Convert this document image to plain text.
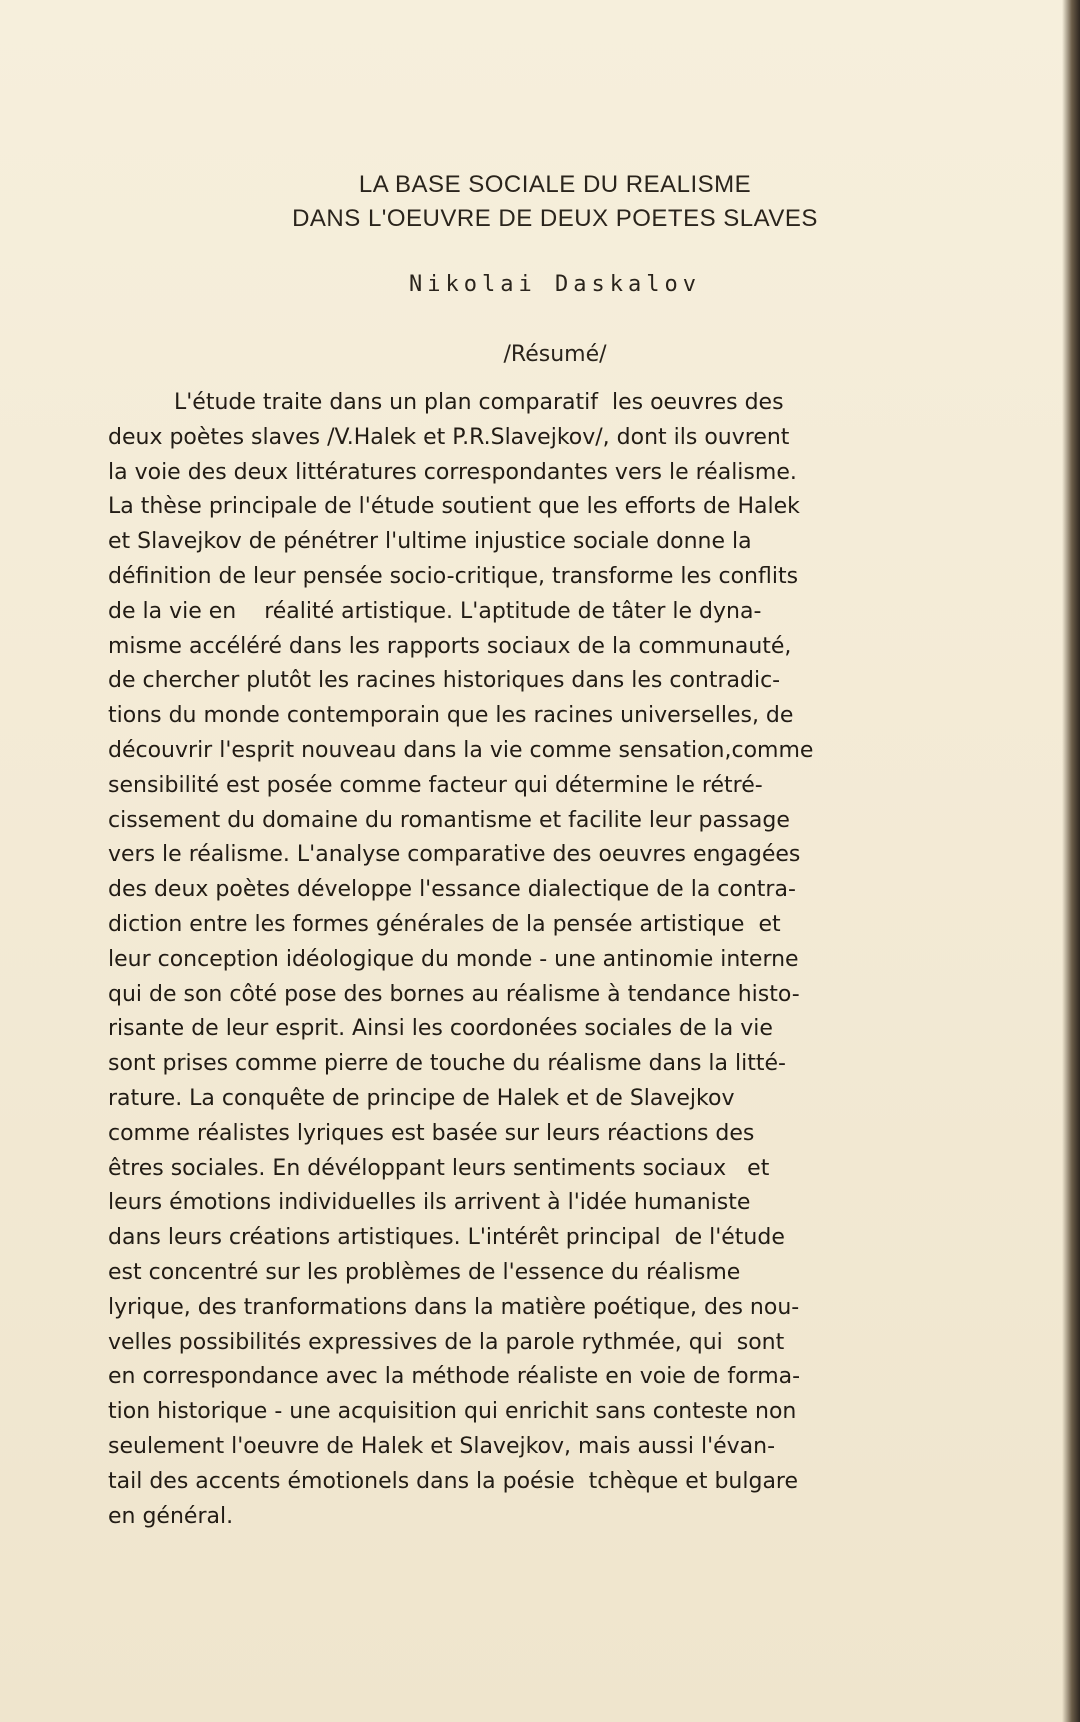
LA BASE SOCIALE DU REALISME
DANS L'OEUVRE DE DEUX POETES SLAVES
Nikolai Daskalov
/Résumé/
L'étude traite dans un plan comparatif  les oeuvres des
deux poètes slaves /V.Halek et P.R.Slavejkov/, dont ils ouvrent
la voie des deux littératures correspondantes vers le réalisme.
La thèse principale de l'étude soutient que les efforts de Halek
et Slavejkov de pénétrer l'ultime injustice sociale donne la
définition de leur pensée socio-critique, transforme les conflits
de la vie en    réalité artistique. L'aptitude de tâter le dyna-
misme accéléré dans les rapports sociaux de la communauté,
de chercher plutôt les racines historiques dans les contradic-
tions du monde contemporain que les racines universelles, de
découvrir l'esprit nouveau dans la vie comme sensation,comme
sensibilité est posée comme facteur qui détermine le rétré-
cissement du domaine du romantisme et facilite leur passage
vers le réalisme. L'analyse comparative des oeuvres engagées
des deux poètes développe l'essance dialectique de la contra-
diction entre les formes générales de la pensée artistique  et
leur conception idéologique du monde - une antinomie interne
qui de son côté pose des bornes au réalisme à tendance histo-
risante de leur esprit. Ainsi les coordonées sociales de la vie
sont prises comme pierre de touche du réalisme dans la litté-
rature. La conquête de principe de Halek et de Slavejkov
comme réalistes lyriques est basée sur leurs réactions des
êtres sociales. En dévéloppant leurs sentiments sociaux   et
leurs émotions individuelles ils arrivent à l'idée humaniste
dans leurs créations artistiques. L'intérêt principal  de l'étude
est concentré sur les problèmes de l'essence du réalisme
lyrique, des tranformations dans la matière poétique, des nou-
velles possibilités expressives de la parole rythmée, qui  sont
en correspondance avec la méthode réaliste en voie de forma-
tion historique - une acquisition qui enrichit sans conteste non
seulement l'oeuvre de Halek et Slavejkov, mais aussi l'évan-
tail des accents émotionels dans la poésie  tchèque et bulgare
en général.
